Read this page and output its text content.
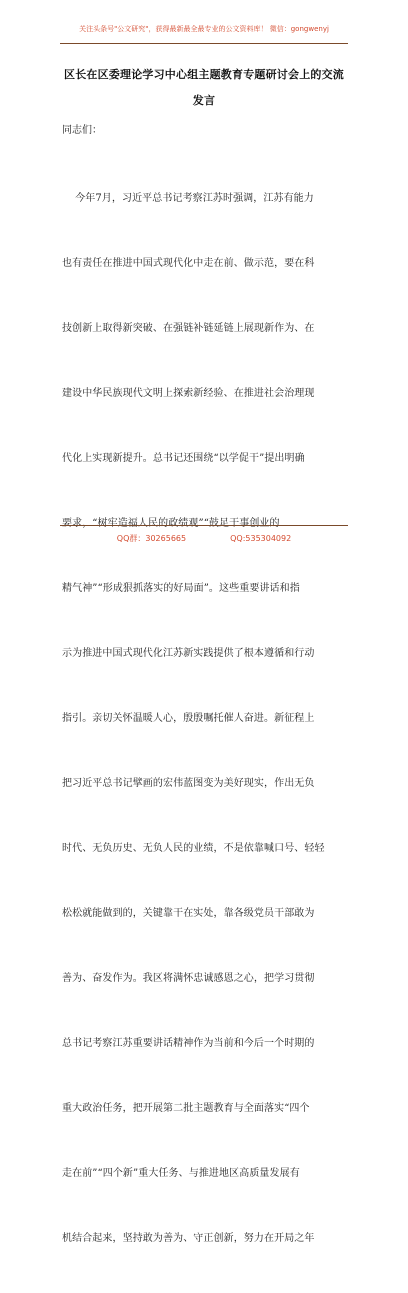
关注头条号"公文研究"，获得最新最全最专业的公文资料库！ 微信：gongwenyj
区长在区委理论学习中心组主题教育专题研讨会上的交流
发言
同志们：

今年7月，习近平总书记考察江苏时强调，江苏有能力

也有责任在推进中国式现代化中走在前、做示范，要在科

技创新上取得新突破、在强链补链延链上展现新作为、在

建设中华民族现代文明上探索新经验、在推进社会治理现

代化上实现新提升。总书记还围绕“以学促干”提出明确

要求，“树牢造福人民的政绩观”“鼓足干事创业的

精气神”“形成狠抓落实的好局面”。这些重要讲话和指

示为推进中国式现代化江苏新实践提供了根本遵循和行动

指引。亲切关怀温暖人心，殷殷嘱托催人奋进。新征程上

把习近平总书记擘画的宏伟蓝图变为美好现实，作出无负

时代、无负历史、无负人民的业绩，不是依靠喊口号、轻轻

松松就能做到的，关键靠干在实处，靠各级党员干部敢为

善为、奋发作为。我区将满怀忠诚感恩之心，把学习贯彻

总书记考察江苏重要讲话精神作为当前和今后一个时期的

重大政治任务，把开展第二批主题教育与全面落实“四个

走在前”“四个新”重大任务、与推进地区高质量发展有

机结合起来，坚持敢为善为、守正创新，努力在开局之年

QQ群：30265665	QQ:535304092
